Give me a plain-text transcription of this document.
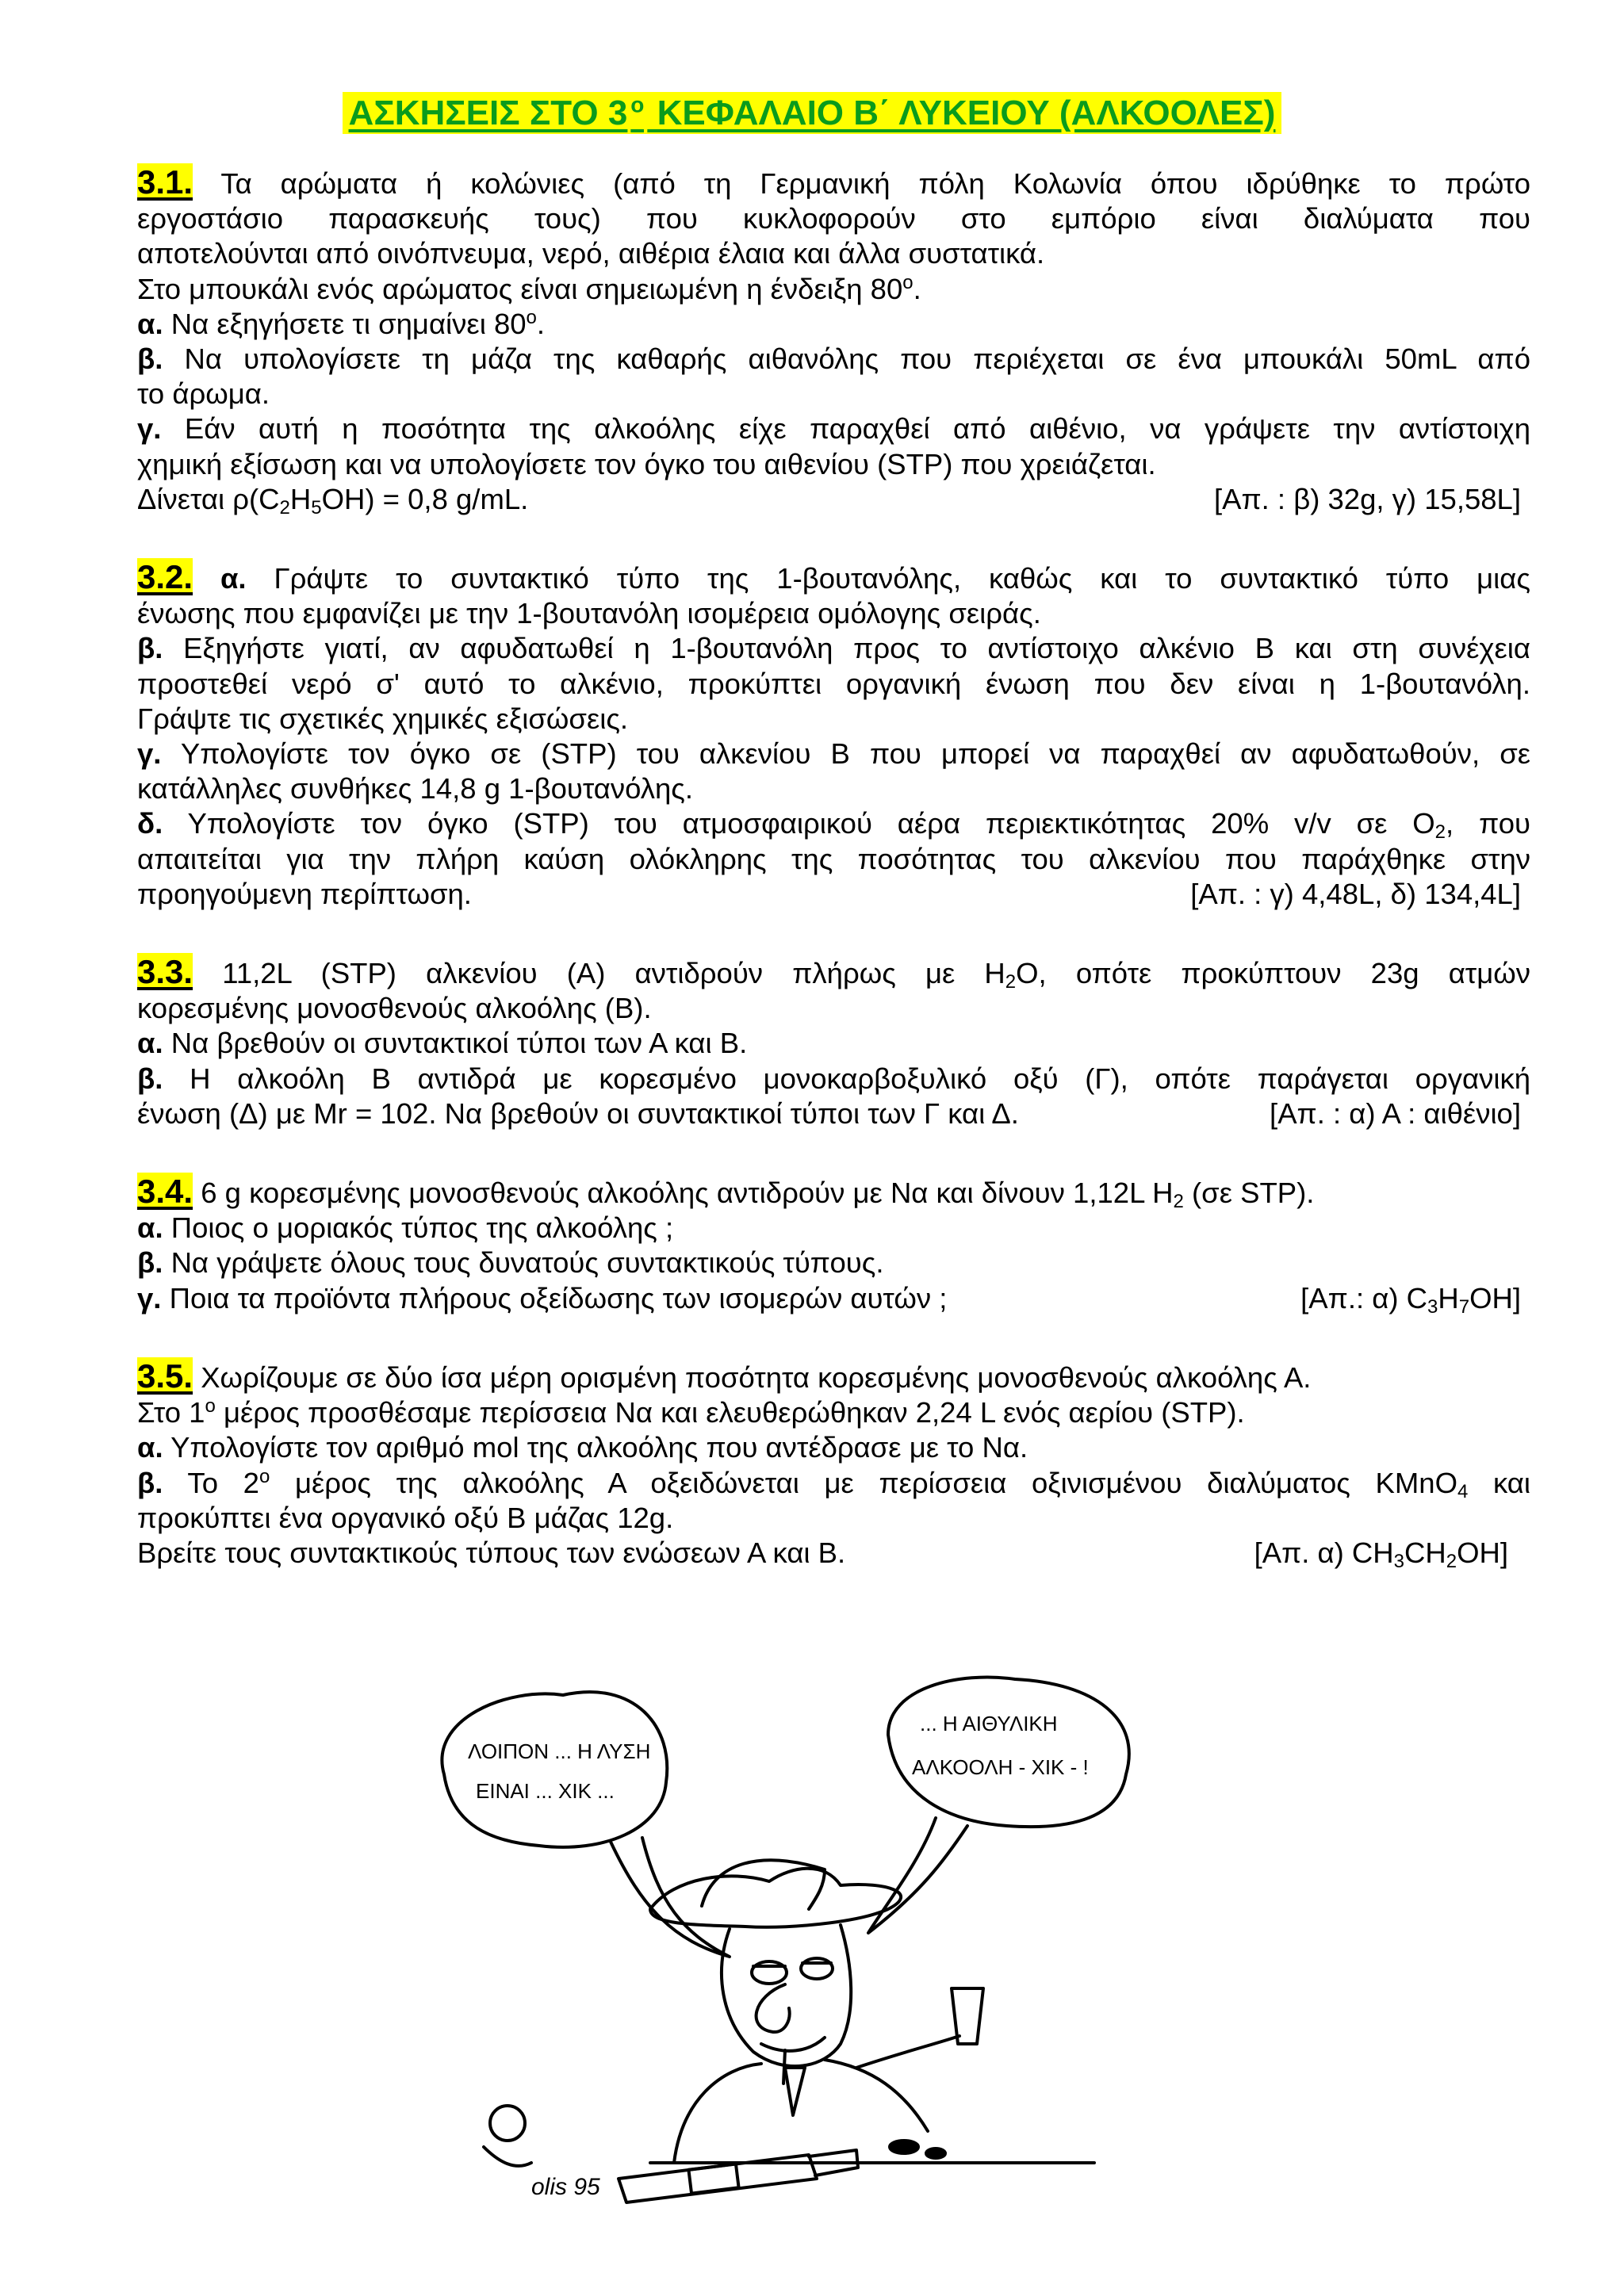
ΑΣΚΗΣΕΙΣ ΣΤΟ 3 $^o$ ΚΕΦΑΛΑΙΟ Β΄ ΛΥΚΕΙΟΥ (ΑΛΚΟΟΛΕΣ)
3.1. Τα αρώματα ή κολώνιες (από τη Γερμανική πόλη Κολωνία όπου ιδρύθηκε το πρώτο
εργοστάσιο παρασκευής τους) που κυκλοφορούν στο εμπόριο είναι διαλύματα που
αποτελούνται από οινόπνευμα, νερό, αιθέρια έλαια και άλλα συστατικά.
Στο μπουκάλι ενός αρώματος είναι σημειωμένη η ένδειξη $80^o$.
α. Να εξηγήσετε τι σημαίνει $80^o$.
β. Να υπολογίσετε τη μάζα της καθαρής αιθανόλης που περιέχεται σε ένα μπουκάλι 50mL από
το άρωμα.
γ. Εάν αυτή η ποσότητα της αλκοόλης είχε παραχθεί από αιθένιο, να γράψετε την αντίστοιχη
χημική εξίσωση και να υπολογίσετε τον όγκο του αιθενίου (STP) που χρειάζεται.
Δίνεται $\rho(C_2H_5OH) = 0,8$ g/mL.	[Απ. : β) 32g, γ) 15,58L]
3.2. α. Γράψτε το συντακτικό τύπο της 1-βουτανόλης, καθώς και το συντακτικό τύπο μιας
ένωσης που εμφανίζει με την 1-βουτανόλη ισομέρεια ομόλογης σειράς.
β. Εξηγήστε γιατί, αν αφυδατωθεί η 1-βουτανόλη προς το αντίστοιχο αλκένιο Β και στη συνέχεια
προστεθεί νερό σ' αυτό το αλκένιο, προκύπτει οργανική ένωση που δεν είναι η 1-βουτανόλη.
Γράψτε τις σχετικές χημικές εξισώσεις.
γ. Υπολογίστε τον όγκο σε (STP) του αλκενίου Β που μπορεί να παραχθεί αν αφυδατωθούν, σε
κατάλληλες συνθήκες 14,8 g 1-βουτανόλης.
δ. Υπολογίστε τον όγκο (STP) του ατμοσφαιρικού αέρα περιεκτικότητας 20% v/v σε $O_2$, που
απαιτείται για την πλήρη καύση ολόκληρης της ποσότητας του αλκενίου που παράχθηκε στην
προηγούμενη περίπτωση.	[Απ. : γ) 4,48L, δ) 134,4L]
3.3. 11,2L (STP) αλκενίου (Α) αντιδρούν πλήρως με $H_2O$, οπότε προκύπτουν 23g ατμών
κορεσμένης μονοσθενούς αλκοόλης (Β).
α. Να βρεθούν οι συντακτικοί τύποι των Α και Β.
β. Η αλκοόλη Β αντιδρά με κορεσμένο μονοκαρβοξυλικό οξύ (Γ), οπότε παράγεται οργανική
ένωση (Δ) με Mr = 102. Να βρεθούν οι συντακτικοί τύποι των Γ και Δ.	[Απ. : α) Α : αιθένιο]
3.4. 6 g κορεσμένης μονοσθενούς αλκοόλης αντιδρούν με Να και δίνουν 1,12L $H_2$ (σε STP).
α. Ποιος ο μοριακός τύπος της αλκοόλης ;
β. Να γράψετε όλους τους δυνατούς συντακτικούς τύπους.
γ. Ποια τα προϊόντα πλήρους οξείδωσης των ισομερών αυτών ;	[Απ.: α) $C_3H_7OH$]
3.5. Χωρίζουμε σε δύο ίσα μέρη ορισμένη ποσότητα κορεσμένης μονοσθενούς αλκοόλης Α.
Στο $1^o$ μέρος προσθέσαμε περίσσεια Να και ελευθερώθηκαν 2,24 L ενός αερίου (STP).
α. Υπολογίστε τον αριθμό mol της αλκοόλης που αντέδρασε με το Να.
β. Το $2^o$ μέρος της αλκοόλης Α οξειδώνεται με περίσσεια οξινισμένου διαλύματος KMnO$_4$ και
προκύπτει ένα οργανικό οξύ Β μάζας 12g.
Βρείτε τους συντακτικούς τύπους των ενώσεων Α και Β.	[Απ. α) $CH_3CH_2OH$]
ΛΟΙΠΟΝ ... Η ΛΥΣΗ
ΕΙΝΑΙ ... ΧΙΚ ...
... Η ΑΙΘΥΛΙΚΗ
ΑΛΚΟΟΛΗ - ΧΙΚ - !
olis 95
